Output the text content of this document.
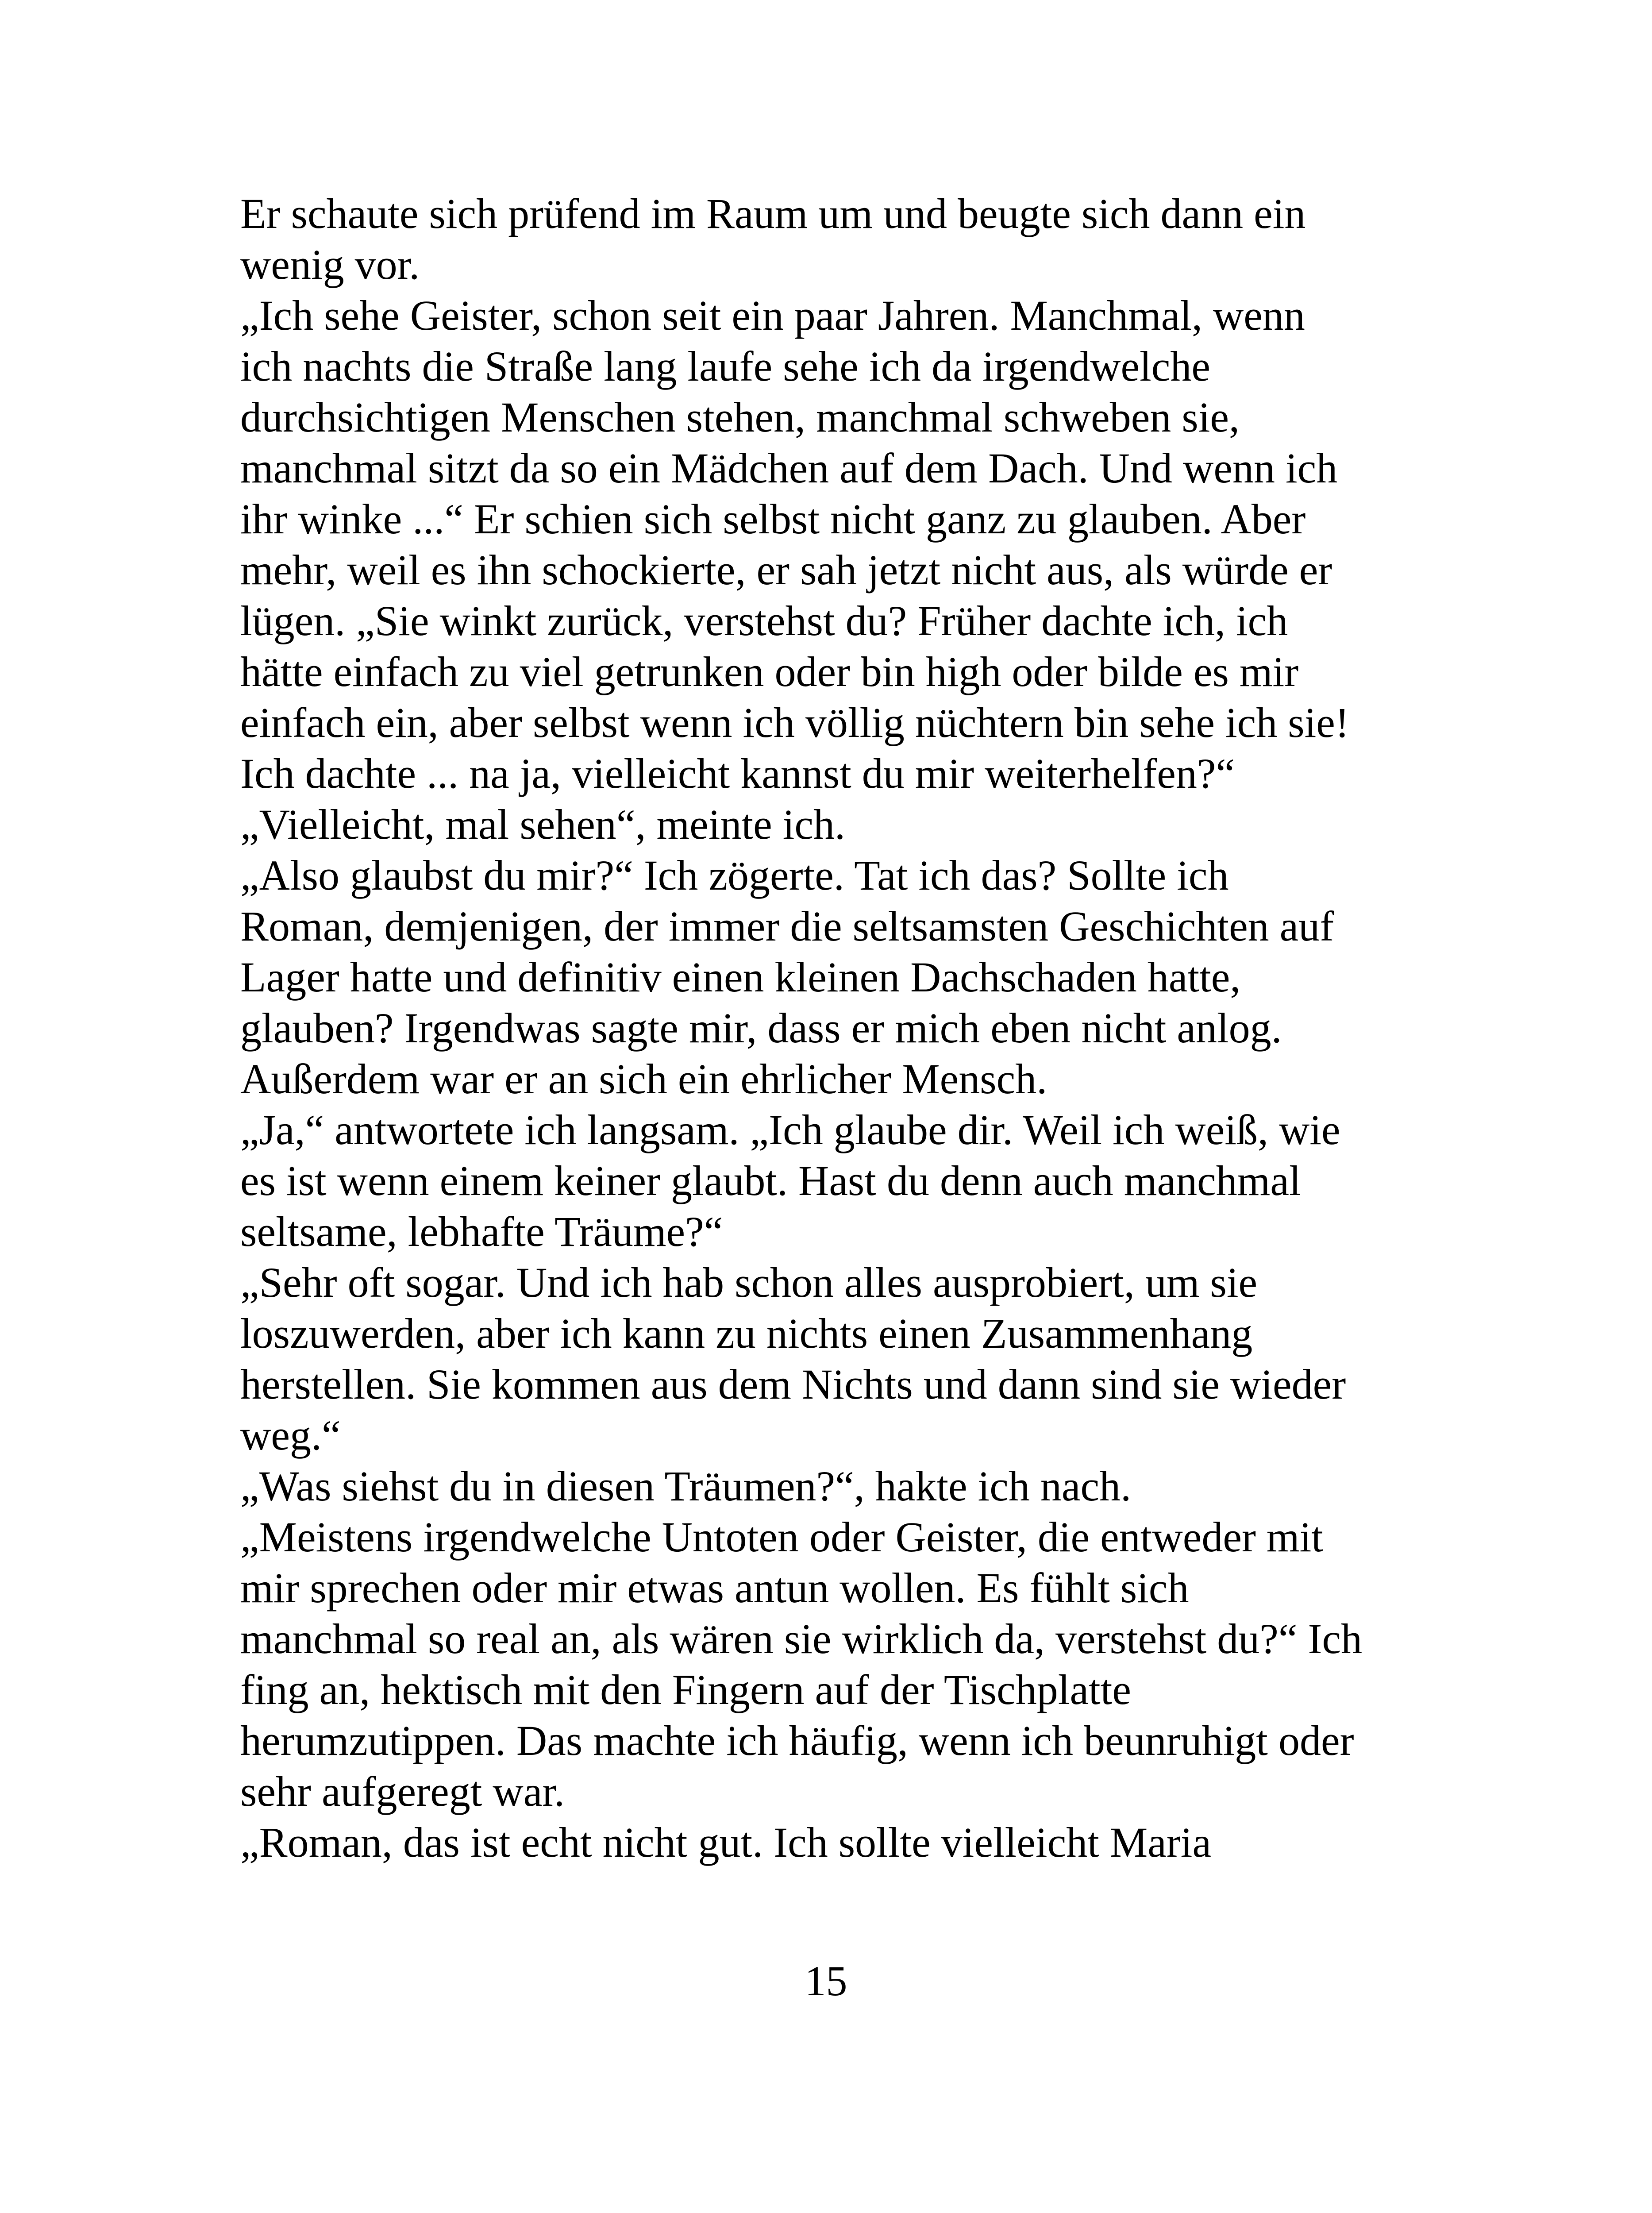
Er schaute sich prüfend im Raum um und beugte sich dann ein
wenig vor.
„Ich sehe Geister, schon seit ein paar Jahren. Manchmal, wenn
ich nachts die Straße lang laufe sehe ich da irgendwelche
durchsichtigen Menschen stehen, manchmal schweben sie,
manchmal sitzt da so ein Mädchen auf dem Dach. Und wenn ich
ihr winke ...“ Er schien sich selbst nicht ganz zu glauben. Aber
mehr, weil es ihn schockierte, er sah jetzt nicht aus, als würde er
lügen. „Sie winkt zurück, verstehst du? Früher dachte ich, ich
hätte einfach zu viel getrunken oder bin high oder bilde es mir
einfach ein, aber selbst wenn ich völlig nüchtern bin sehe ich sie!
Ich dachte ... na ja, vielleicht kannst du mir weiterhelfen?“
„Vielleicht, mal sehen“, meinte ich.
„Also glaubst du mir?“ Ich zögerte. Tat ich das? Sollte ich
Roman, demjenigen, der immer die seltsamsten Geschichten auf
Lager hatte und definitiv einen kleinen Dachschaden hatte,
glauben? Irgendwas sagte mir, dass er mich eben nicht anlog.
Außerdem war er an sich ein ehrlicher Mensch.
„Ja,“ antwortete ich langsam. „Ich glaube dir. Weil ich weiß, wie
es ist wenn einem keiner glaubt. Hast du denn auch manchmal
seltsame, lebhafte Träume?“
„Sehr oft sogar. Und ich hab schon alles ausprobiert, um sie
loszuwerden, aber ich kann zu nichts einen Zusammenhang
herstellen. Sie kommen aus dem Nichts und dann sind sie wieder
weg.“
„Was siehst du in diesen Träumen?“, hakte ich nach.
„Meistens irgendwelche Untoten oder Geister, die entweder mit
mir sprechen oder mir etwas antun wollen. Es fühlt sich
manchmal so real an, als wären sie wirklich da, verstehst du?“ Ich
fing an, hektisch mit den Fingern auf der Tischplatte
herumzutippen. Das machte ich häufig, wenn ich beunruhigt oder
sehr aufgeregt war.
„Roman, das ist echt nicht gut. Ich sollte vielleicht Maria
15
